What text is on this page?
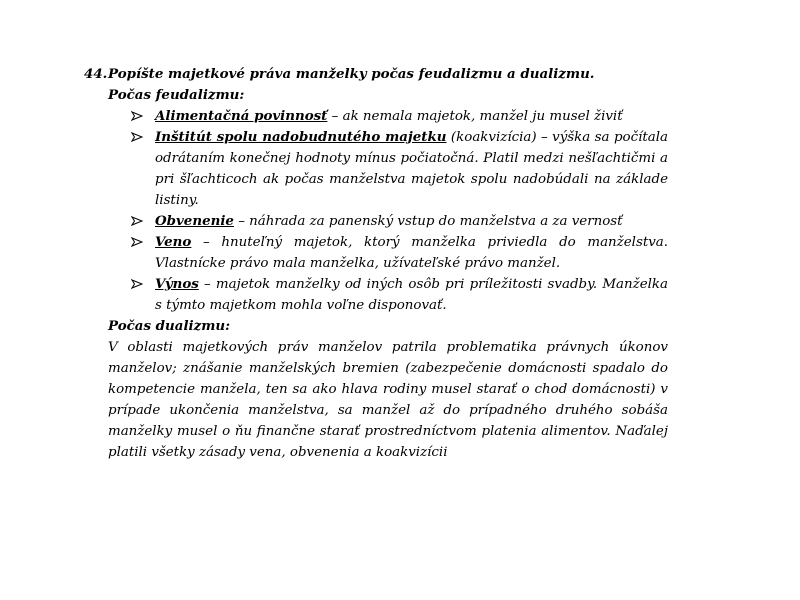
44. Popíšte majetkové práva manželky počas feudalizmu a dualizmu.
Počas feudalizmu:
Alimentačná povinnosť – ak nemala majetok, manžel ju musel živiť
Inštitút spolu nadobudnutého majetku (koakvizícia) – výška sa počítala odrátaním konečnej hodnoty mínus počiatočná. Platil medzi nešľachtičmi a pri šľachticoch ak počas manželstva majetok spolu nadobúdali na základe listiny.
Obvenenie – náhrada za panenský vstup do manželstva a za vernosť
Veno – hnuteľný majetok, ktorý manželka priviedla do manželstva. Vlastnícke právo mala manželka, užívateľské právo manžel.
Výnos – majetok manželky od iných osôb pri príležitosti svadby. Manželka s týmto majetkom mohla voľne disponovať.
Počas dualizmu:
V oblasti majetkových práv manželov patrila problematika právnych úkonov manželov; znášanie manželských bremien (zabezpečenie domácnosti spadalo do kompetencie manžela, ten sa ako hlava rodiny musel starať o chod domácnosti) v prípade ukončenia manželstva, sa manžel až do prípadného druhého sobáša manželky musel o ňu finančne starať prostredníctvom platenia alimentov. Naďalej platili všetky zásady vena, obvenenia a koakvizícii
